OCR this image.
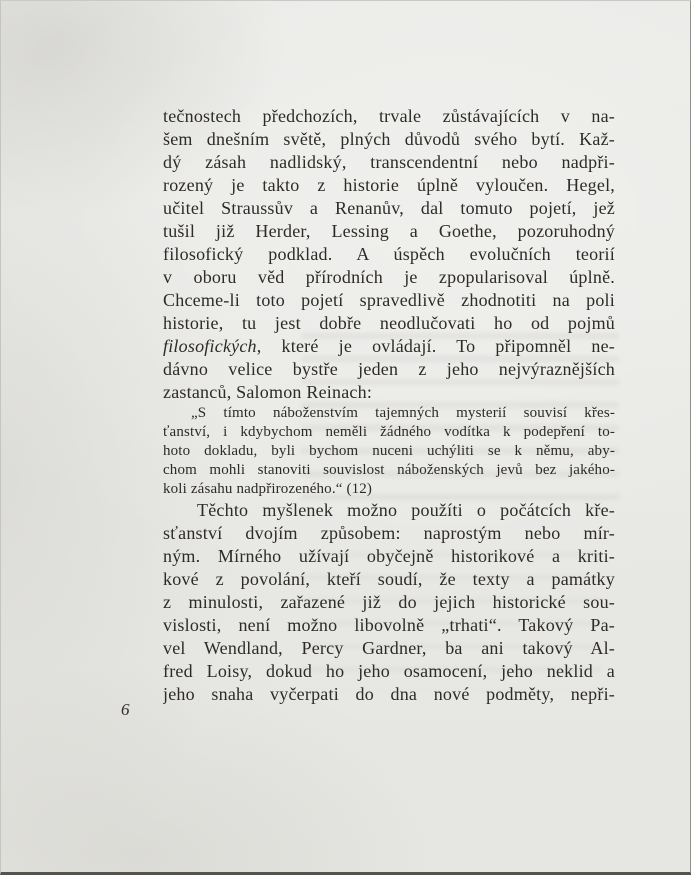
tečnostech předchozích, trvale zůstávajících v na-
šem dnešním světě, plných důvodů svého bytí. Kaž-
dý zásah nadlidský, transcendentní nebo nadpři-
rozený je takto z historie úplně vyloučen. Hegel,
učitel Straussův a Renanův, dal tomuto pojetí, jež
tušil již Herder, Lessing a Goethe, pozoruhodný
filosofický podklad. A úspěch evolučních teorií
v oboru věd přírodních je zpopularisoval úplně.
Chceme-li toto pojetí spravedlivě zhodnotiti na poli
historie, tu jest dobře neodlučovati ho od pojmů
filosofických, které je ovládají. To připomněl ne-
dávno velice bystře jeden z jeho nejvýraznějších
zastanců, Salomon Reinach:
„S tímto náboženstvím tajemných mysterií souvisí křes-
ťanství, i kdybychom neměli žádného vodítka k podepření to-
hoto dokladu, byli bychom nuceni uchýliti se k němu, aby-
chom mohli stanoviti souvislost náboženských jevů bez jakého-
koli zásahu nadpřirozeného.“ (12)
Těchto myšlenek možno použíti o počátcích kře-
sťanství dvojím způsobem: naprostým nebo mír-
ným. Mírného užívají obyčejně historikové a kriti-
kové z povolání, kteří soudí, že texty a památky
z minulosti, zařazené již do jejich historické sou-
vislosti, není možno libovolně „trhati“. Takový Pa-
vel Wendland, Percy Gardner, ba ani takový Al-
fred Loisy, dokud ho jeho osamocení, jeho neklid a
jeho snaha vyčerpati do dna nové podměty, nepři-
6
